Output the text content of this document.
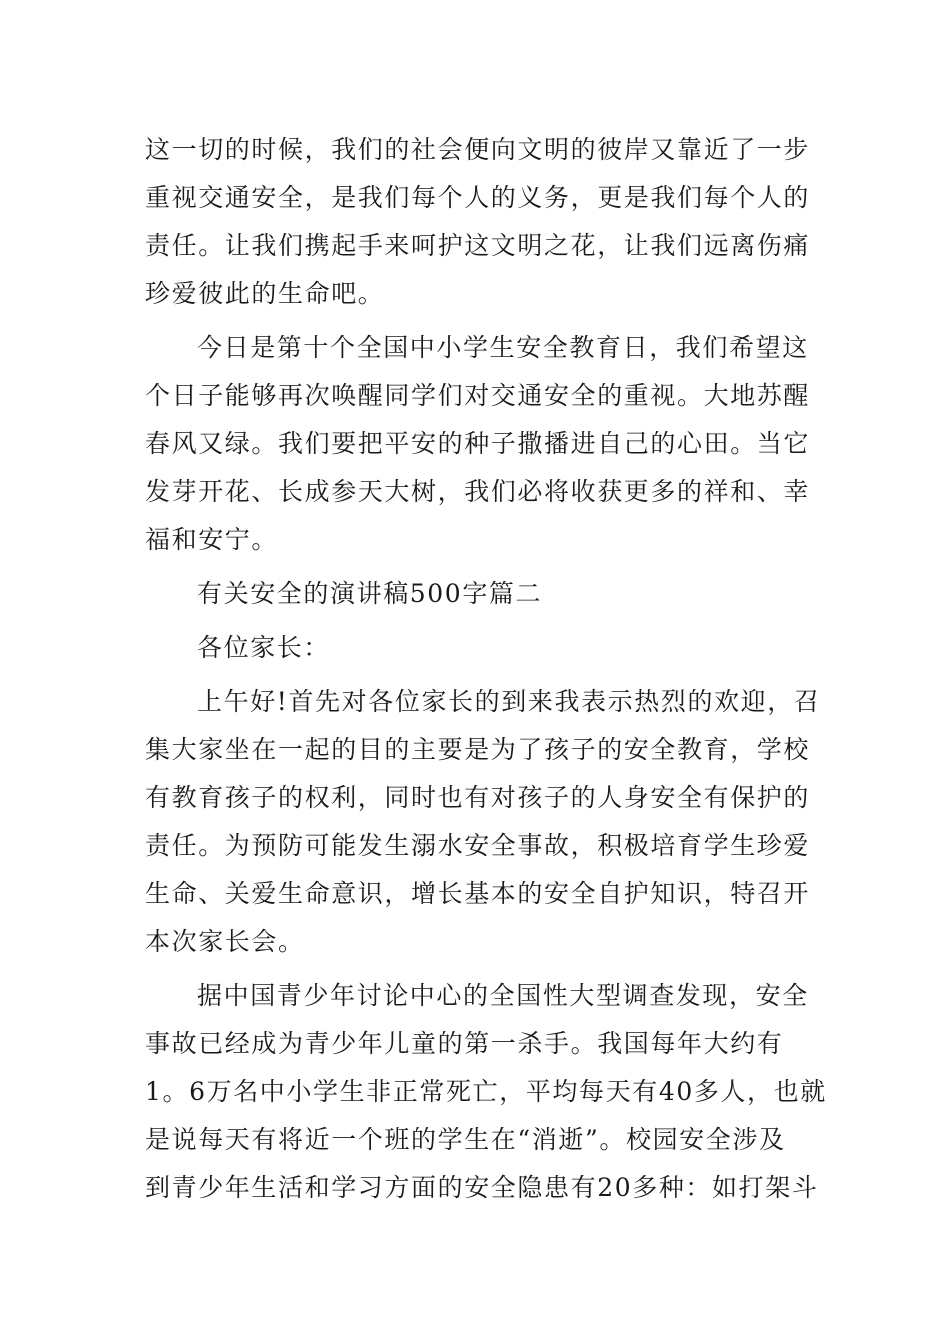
这一切的时候，我们的社会便向文明的彼岸又靠近了一步
重视交通安全，是我们每个人的义务，更是我们每个人的
责任。让我们携起手来呵护这文明之花，让我们远离伤痛
珍爱彼此的生命吧。
今日是第十个全国中小学生安全教育日，我们希望这
个日子能够再次唤醒同学们对交通安全的重视。大地苏醒
春风又绿。我们要把平安的种子撒播进自己的心田。当它
发芽开花、长成参天大树，我们必将收获更多的祥和、幸
福和安宁。
有关安全的演讲稿500字篇二
各位家长：
上午好!首先对各位家长的到来我表示热烈的欢迎，召
集大家坐在一起的目的主要是为了孩子的安全教育，学校
有教育孩子的权利，同时也有对孩子的人身安全有保护的
责任。为预防可能发生溺水安全事故，积极培育学生珍爱
生命、关爱生命意识，增长基本的安全自护知识，特召开
本次家长会。
据中国青少年讨论中心的全国性大型调查发现，安全
事故已经成为青少年儿童的第一杀手。我国每年大约有
1。6万名中小学生非正常死亡，平均每天有40多人，也就
是说每天有将近一个班的学生在“消逝”。校园安全涉及
到青少年生活和学习方面的安全隐患有20多种：如打架斗
